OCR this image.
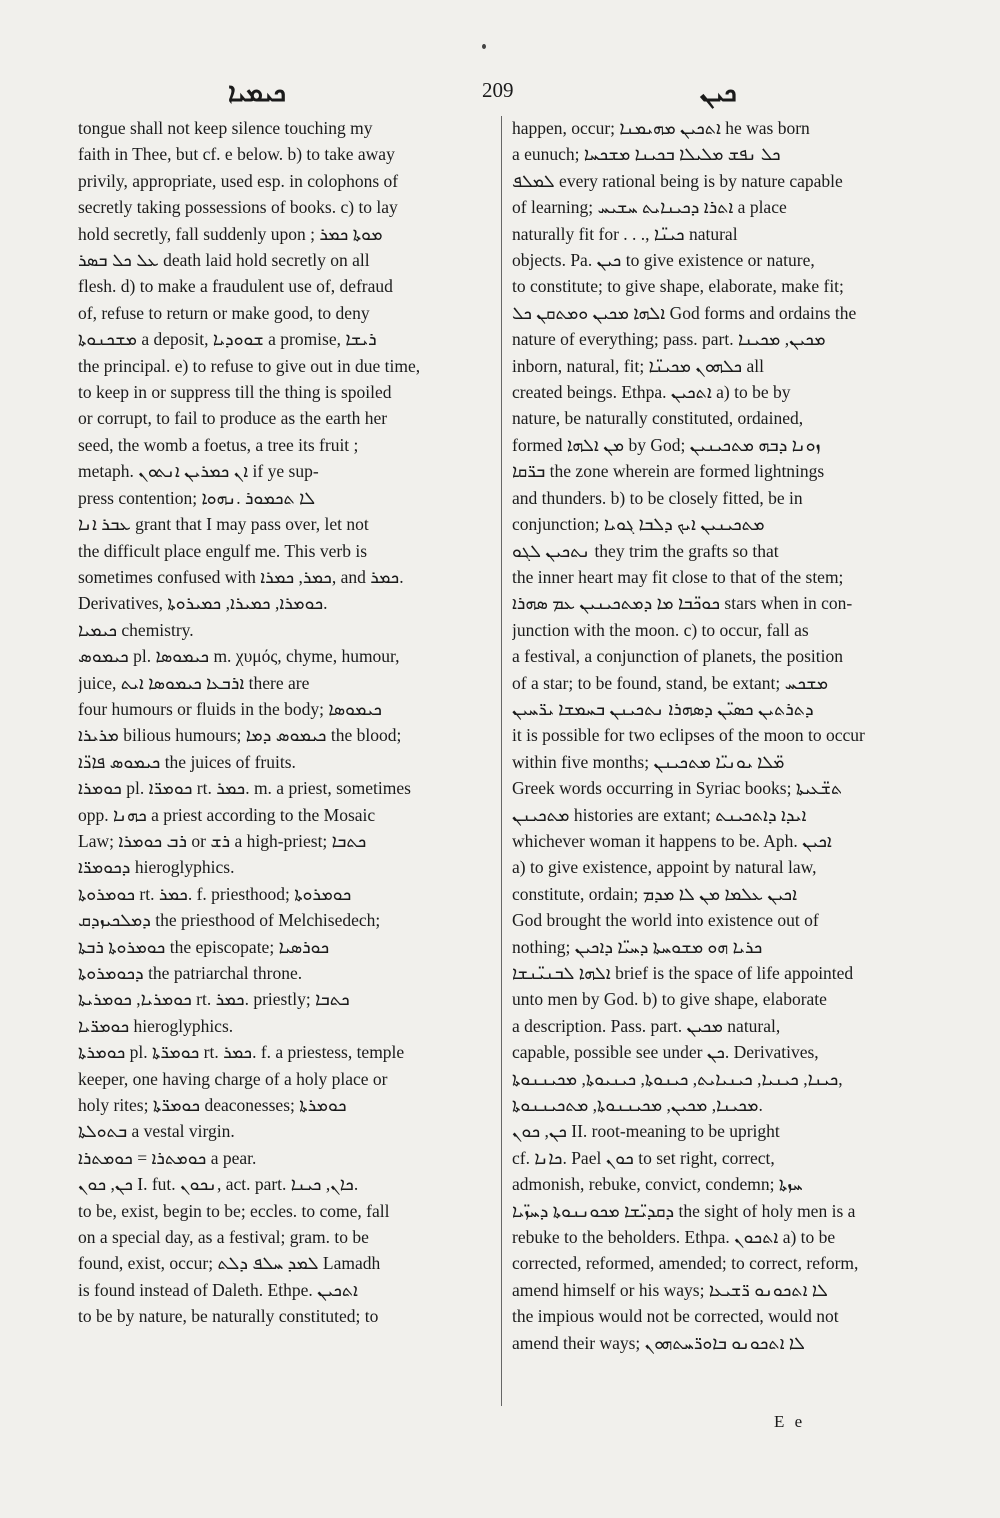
ܟܝܡܝܐ	209	ܟܝܢ
tongue shall not keep silence touching my
faith in Thee, but cf. e below. b) to take away
privily, appropriate, used esp. in colophons of
secretly taking possessions of books. c) to lay
hold secretly, fall suddenly upon ; ܡܘܬܐ ܟܡܪ
ܥܠ ܟܠ ܒܣܪ death laid hold secretly on all
flesh. d) to make a fraudulent use of, defraud
of, refuse to return or make good, to deny
ܡܫܟܢܘܬܐ a deposit, ܫܘܘܕܝܐ a promise, ܪܝܫܐ
the principal. e) to refuse to give out in due time,
to keep in or suppress till the thing is spoiled
or corrupt, to fail to produce as the earth her
seed, the womb a foetus, a tree its fruit ;
metaph. ܐܢ ܟܡܪܝܢ ܐܢܬܘܢ if ye sup-
press contention; ܠܐ ܬܟܡܘܪ .ܢܗܘܐ
ܥܒܪ ܐܢܐ grant that I may pass over, let not
the difficult place engulf me. This verb is
sometimes confused with ܟܡܪ, ܟܡܪܐ, and ܟܡܪ.
Derivatives, ܟܘܡܪܐ, ܟܡܝܪܐ, ܟܡܝܪܘܬܐ.
ܟܝܡܝܐ chemistry.
ܟܝܡܘܣ pl. ܟܝܡܘܣܐ m. χυμός, chyme, humour,
juice, ܐܪܒܥܐ ܟܝܡܘܣܐ ܐܝܬ there are
four humours or fluids in the body; ܟܝܡܘܣܐ
ܡܪܝܪܐ bilious humours; ܟܝܡܘܣ ܕܡܐ the blood;
ܟܝܡܘܣ ܦܐܖ̈ܐ the juices of fruits.
ܟܘܡܪܐ pl. ܟܘܡܪ̈ܐ rt. ܟܡܪ. m. a priest, sometimes
opp. ܟܗܢܐ a priest according to the Mosaic
Law; ܪܒ ܟܘܡܪܐ or ܪܫ a high-priest; ܟܬܒܐ
ܕܟܘܡܪ̈ܐ hieroglyphics.
ܟܘܡܪܘܬܐ rt. ܟܡܪ. f. priesthood; ܟܘܡܪܘܬܐ
ܕܡܠܟܝܙܕܩ the priesthood of Melchisedech;
ܟܘܡܪܘܬܐ ܪܒܬܐ the episcopate; ܟܘܪܣܝܐ
ܕܟܘܡܪܘܬܐ the patriarchal throne.
ܟܘܡܪܝܐ, ܟܘܡܪܝܬܐ rt. ܟܡܪ. priestly; ܟܬܒܐ
ܟܘܡܪ̈ܝܐ hieroglyphics.
ܟܘܡܪܬܐ pl. ܟܘܡܪ̈ܬܐ rt. ܟܡܪ. f. a priestess, temple
keeper, one having charge of a holy place or
holy rites; ܟܘܡܪ̈ܬܐ deaconesses; ܟܘܡܪܬܐ
ܒܬܘܠܬܐ a vestal virgin.
ܟܘܡܬܪܐ = ܟܘܡܬܪܐ a pear.
ܟܢ, ܟܘܢ I. fut. ܢܟܘܢ, act. part. ܟܐܢ, ܟܝܢܐ.
to be, exist, begin to be; eccles. to come, fall
on a special day, as a festival; gram. to be
found, exist, occur; ܠܡܕ ܚܠܦ ܕܠܬ Lamadh
is found instead of Daleth. Ethpe. ܐܬܟܝܢ
to be by nature, be naturally constituted; to
happen, occur; ܐܬܟܝܢ ܡܗܝܡܢܐ he was born
a eunuch; ܟܠ ܢܦܫ ܡܠܝܠܐ ܒܟܝܢܐ ܡܫܟܚܐ
ܠܡܠܦ every rational being is by nature capable
of learning; ܐܬܪܐ ܕܟܝܢܐܝܬ ܚܫܝܚ a place
naturally fit for . . ., ܟܝܢ̈ܐ natural
objects. Pa. ܟܝܢ to give existence or nature,
to constitute; to give shape, elaborate, make fit;
ܐܠܗܐ ܡܟܝܢ ܘܡܬܩܢ ܟܠ God forms and ordains the
nature of everything; pass. part. ܡܟܝܢ, ܡܟܝܢܐ
inborn, natural, fit; ܟܠܗܘܢ ܡܟܝܢ̈ܐ all
created beings. Ethpa. ܐܬܟܝܢ a) to be by
nature, be naturally constituted, ordained,
formed ܡܢ ܐܠܗܐ by God; ܙܘܢܐ ܕܒܗ ܡܬܟܝܢܝܢ
ܒܪ̈ܩܐ the zone wherein are formed lightnings
and thunders. b) to be closely fitted, be in
conjunction; ܡܬܟܝܢܝܢ ܐܝܟ ܕܠܒܐ ܓܘܝܐ
ܢܬܟܝܢ ܠܓܘ they trim the grafts so that
the inner heart may fit close to that of the stem;
ܟܘܟ̈ܒܐ ܡܐ ܕܡܬܟܝܢܝܢ ܥܡ ܣܗܪܐ stars when in con-
junction with the moon. c) to occur, fall as
a festival, a conjunction of planets, the position
of a star; to be found, stand, be extant; ܡܫܟܚ
ܕܬܪܬܝܢ ܟܣܝ̈ܢ ܕܣܗܪܐ ܢܬܟܝܢܢ ܒܚܡܫܐ ܝܪ̈ܚܝܢ
it is possible for two eclipses of the moon to occur
within five months; ܡ̈ܠܐ ܝܘܢܝ̈ܐ ܡܬܟܝܢܢ
Greek words occurring in Syriac books; ܬܫ̈ܥܝܬܐ
ܡܬܟܝܢܢ histories are extant; ܐܝܕܐ ܕܐܬܟܝܢܬ
whichever woman it happens to be. Aph. ܐܟܝܢ
a) to give existence, appoint by natural law,
constitute, ordain; ܐܟܝܢ ܥܠܡܐ ܡܢ ܠܐ ܡܕܡ
God brought the world into existence out of
nothing; ܟܪܝܐ ܗܘ ܡܫܘܚܬܐ ܕܚܝ̈ܐ ܕܐܟܝܢ
ܐܠܗܐ ܠܒܢܝ̈ܢܫܐ brief is the space of life appointed
unto men by God. b) to give shape, elaborate
a description. Pass. part. ܡܟܝܢ natural,
capable, possible see under ܟܢ. Derivatives,
ܟܝܢܐ, ܟܝܢܝܐ, ܟܝܢܝܐܝܬ, ܟܝܢܘܬܐ, ܟܝܢܝܘܬܐ, ܡܟܝܢܢܘܬܐ,
ܡܟܝܢܐ, ܡܟܝܢ, ܡܟܝܢܢܘܬܐ, ܡܬܟܝܢܢܘܬܐ.
ܟܢ, ܟܘܢ II. root-meaning to be upright
cf. ܟܐܢܐ. Pael ܟܘܢ to set right, correct,
admonish, rebuke, convict, condemn; ܚܙܬܐ
ܕܩܕܝ̈ܫܐ ܡܟܘܢܢܘܬܐ ܕܚܙ̈ܝܐ the sight of holy men is a
rebuke to the beholders. Ethpa. ܐܬܟܘܢ a) to be
corrected, reformed, amended; to correct, reform,
amend himself or his ways; ܠܐ ܐܬܟܘܢܘ ܪ̈ܫܝܥܐ
the impious would not be corrected, would not
amend their ways; ܠܐ ܐܬܟܘܢܘ ܒܐܘܪ̈ܚܬܗܘܢ
E e
